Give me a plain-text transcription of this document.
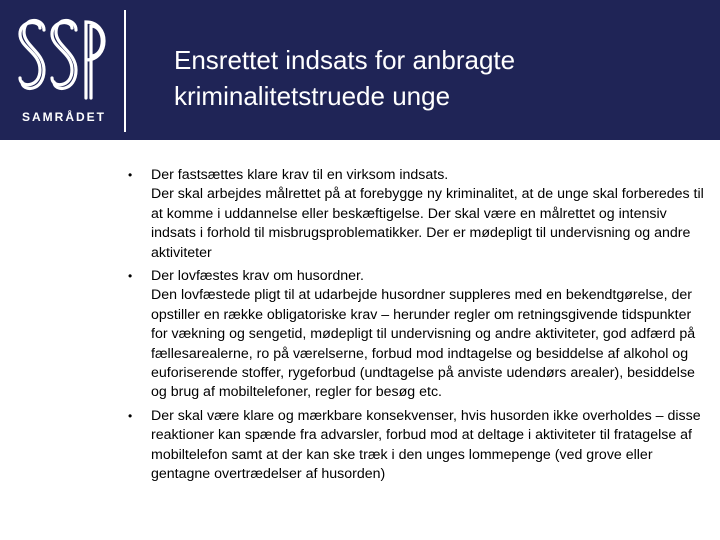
SAMRÅDET
Ensrettet indsats for anbragte kriminalitetstruede unge
• Der fastsættes klare krav til en virksom indsats.
Der skal arbejdes målrettet på at forebygge ny kriminalitet, at de unge skal forberedes til at komme i uddannelse eller beskæftigelse. Der skal være en målrettet og intensiv indsats i forhold til misbrugsproblematikker. Der er mødepligt til undervisning og andre aktiviteter
• Der lovfæstes krav om husordner.
Den lovfæstede pligt til at udarbejde husordner suppleres med en bekendtgørelse, der opstiller en række obligatoriske krav – herunder regler om retningsgivende tidspunkter for vækning og sengetid, mødepligt til undervisning og andre aktiviteter, god adfærd på fællesarealerne, ro på værelserne, forbud mod indtagelse og besiddelse af alkohol og euforiserende stoffer, rygeforbud (undtagelse på anviste udendørs arealer), besiddelse og brug af mobiltelefoner, regler for besøg etc.
• Der skal være klare og mærkbare konsekvenser, hvis husorden ikke overholdes – disse reaktioner kan spænde fra advarsler, forbud mod at deltage i aktiviteter til fratagelse af mobiltelefon samt at der kan ske træk i den unges lommepenge (ved grove eller gentagne overtrædelser af husorden)
